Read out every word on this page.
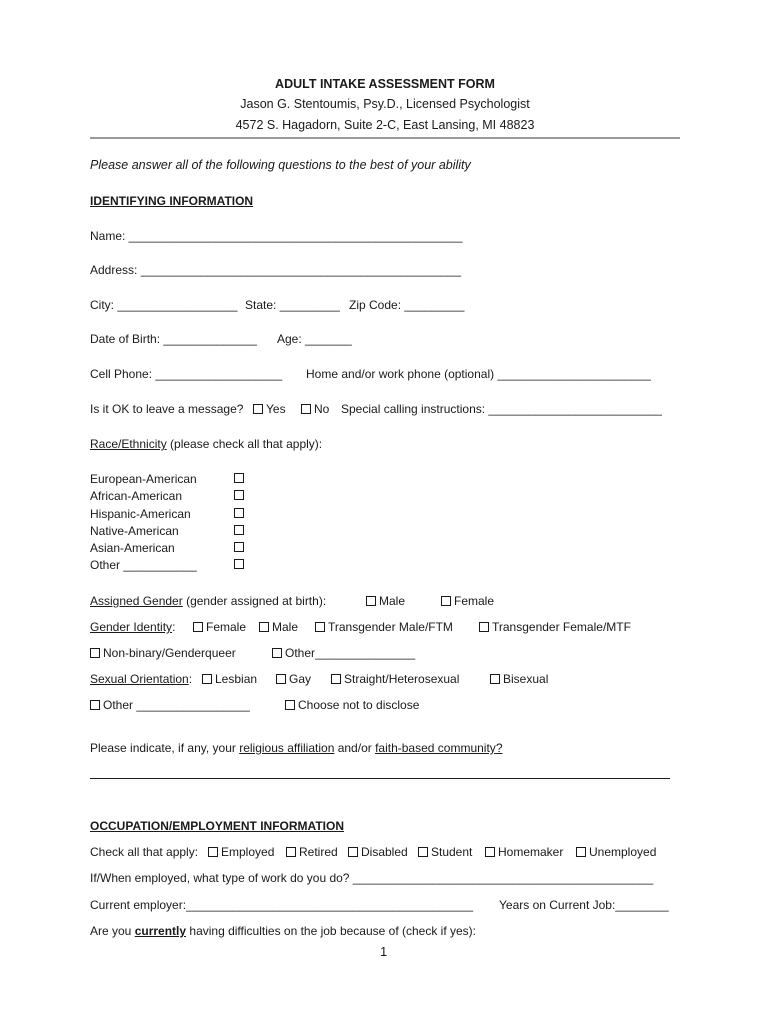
ADULT INTAKE ASSESSMENT FORM
Jason G. Stentoumis, Psy.D., Licensed Psychologist
4572 S. Hagadorn, Suite 2-C, East Lansing, MI 48823
Please answer all of the following questions to the best of your ability
IDENTIFYING INFORMATION
Name: __________________________________________________
Address: ________________________________________________
City: __________________ State: _________ Zip Code: _________
Date of Birth: ______________ Age: _______
Cell Phone: ___________________ Home and/or work phone (optional) _______________________
Is it OK to leave a message?	Yes	No Special calling instructions: __________________________
Race/Ethnicity (please check all that apply):
European-American
African-American
Hispanic-American
Native-American
Asian-American
Other ___________
Assigned Gender (gender assigned at birth):	Male	Female
Gender Identity:	Female	Male	Transgender Male/FTM	Transgender Female/MTF
Non-binary/Genderqueer	Other_______________
Sexual Orientation:	Lesbian	Gay	Straight/Heterosexual	Bisexual
Other _________________	Choose not to disclose
Please indicate, if any, your religious affiliation and/or faith-based community?
OCCUPATION/EMPLOYMENT INFORMATION
Check all that apply:	Employed	Retired	Disabled	Student	Homemaker	Unemployed
If/When employed, what type of work do you do? _____________________________________________
Current employer:___________________________________________ Years on Current Job:________
Are you currently having difficulties on the job because of (check if yes):
1
